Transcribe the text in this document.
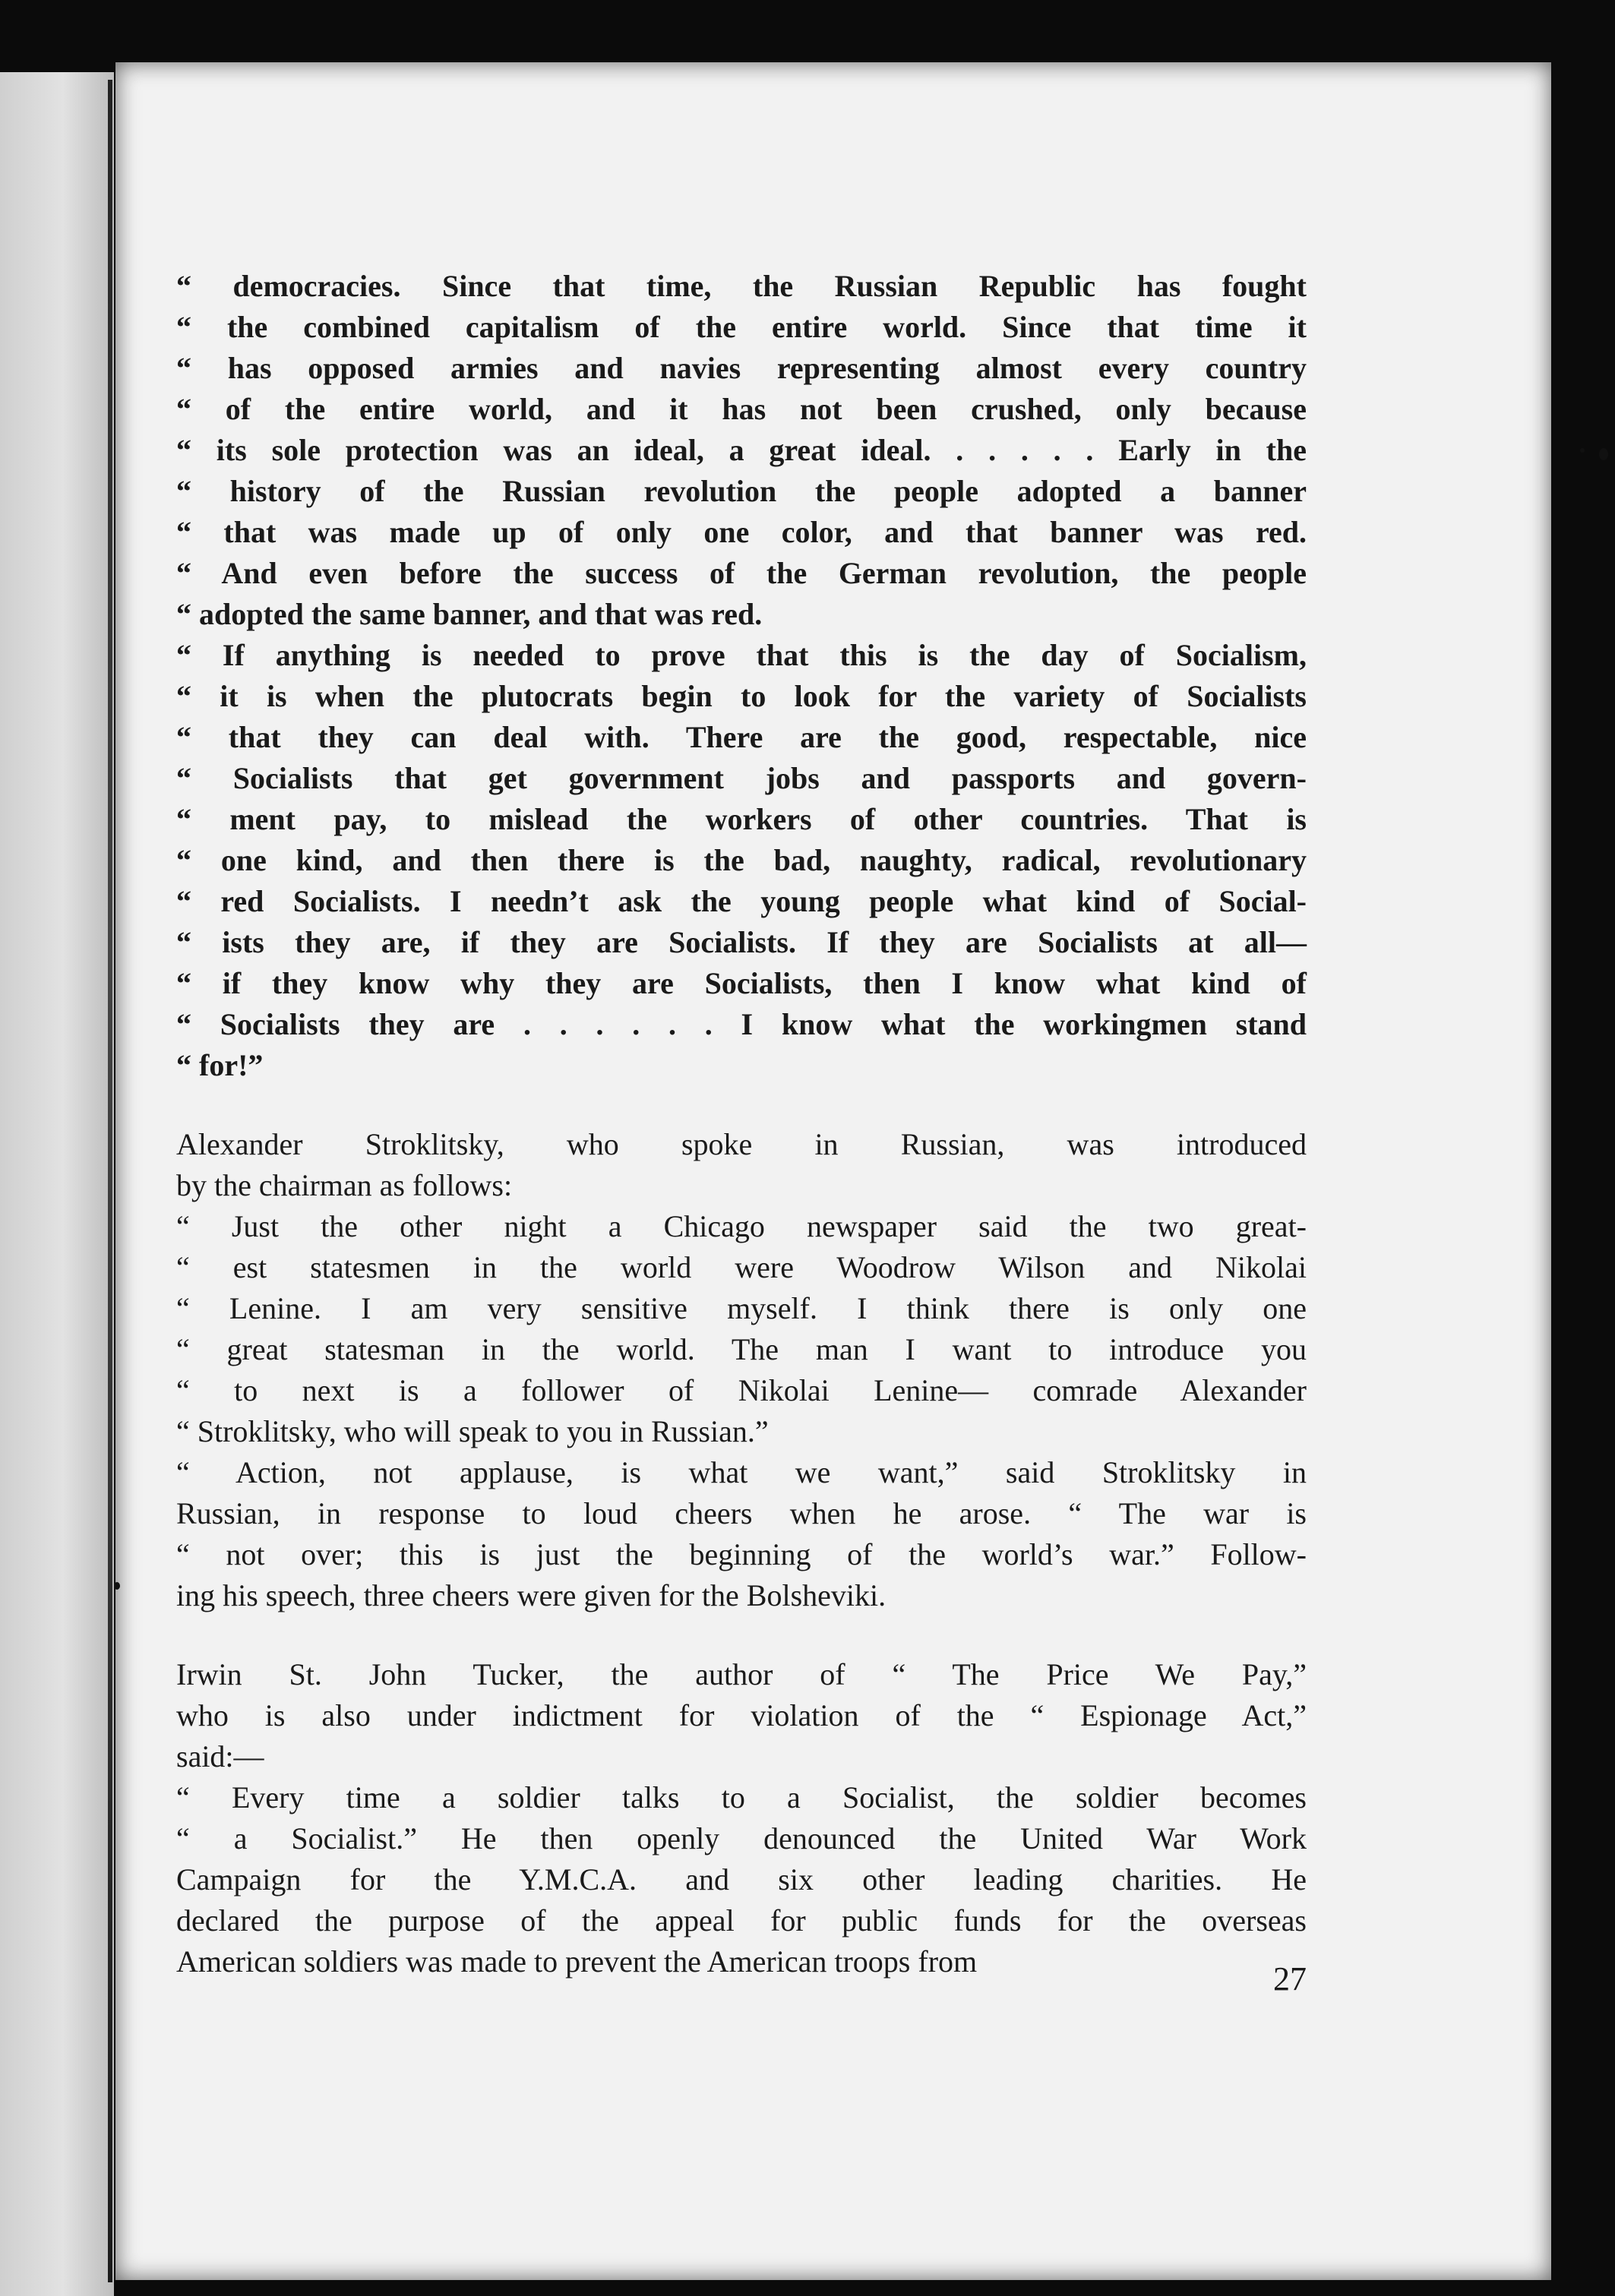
“ democracies. Since that time, the Russian Republic has fought
“ the combined capitalism of the entire world. Since that time it
“ has opposed armies and navies representing almost every country
“ of the entire world, and it has not been crushed, only because
“ its sole protection was an ideal, a great ideal. . . . . . Early in the
“ history of the Russian revolution the people adopted a banner
“ that was made up of only one color, and that banner was red.
“ And even before the success of the German revolution, the people
“ adopted the same banner, and that was red.
“ If anything is needed to prove that this is the day of Socialism,
“ it is when the plutocrats begin to look for the variety of Socialists
“ that they can deal with. There are the good, respectable, nice
“ Socialists that get government jobs and passports and govern-
“ ment pay, to mislead the workers of other countries. That is
“ one kind, and then there is the bad, naughty, radical, revolutionary
“ red Socialists. I needn’t ask the young people what kind of Social-
“ ists they are, if they are Socialists. If they are Socialists at all—
“ if they know why they are Socialists, then I know what kind of
“ Socialists they are . . . . . . I know what the workingmen stand
“ for!”
Alexander Stroklitsky, who spoke in Russian, was introduced
by the chairman as follows:
“ Just the other night a Chicago newspaper said the two great-
“ est statesmen in the world were Woodrow Wilson and Nikolai
“ Lenine. I am very sensitive myself. I think there is only one
“ great statesman in the world. The man I want to introduce you
“ to next is a follower of Nikolai Lenine— comrade Alexander
“ Stroklitsky, who will speak to you in Russian.”
“ Action, not applause, is what we want,” said Stroklitsky in
Russian, in response to loud cheers when he arose. “ The war is
“ not over; this is just the beginning of the world’s war.” Follow-
ing his speech, three cheers were given for the Bolsheviki.
Irwin St. John Tucker, the author of “ The Price We Pay,”
who is also under indictment for violation of the “ Espionage Act,”
said:—
“ Every time a soldier talks to a Socialist, the soldier becomes
“ a Socialist.” He then openly denounced the United War Work
Campaign for the Y.M.C.A. and six other leading charities. He
declared the purpose of the appeal for public funds for the overseas
American soldiers was made to prevent the American troops from	27
